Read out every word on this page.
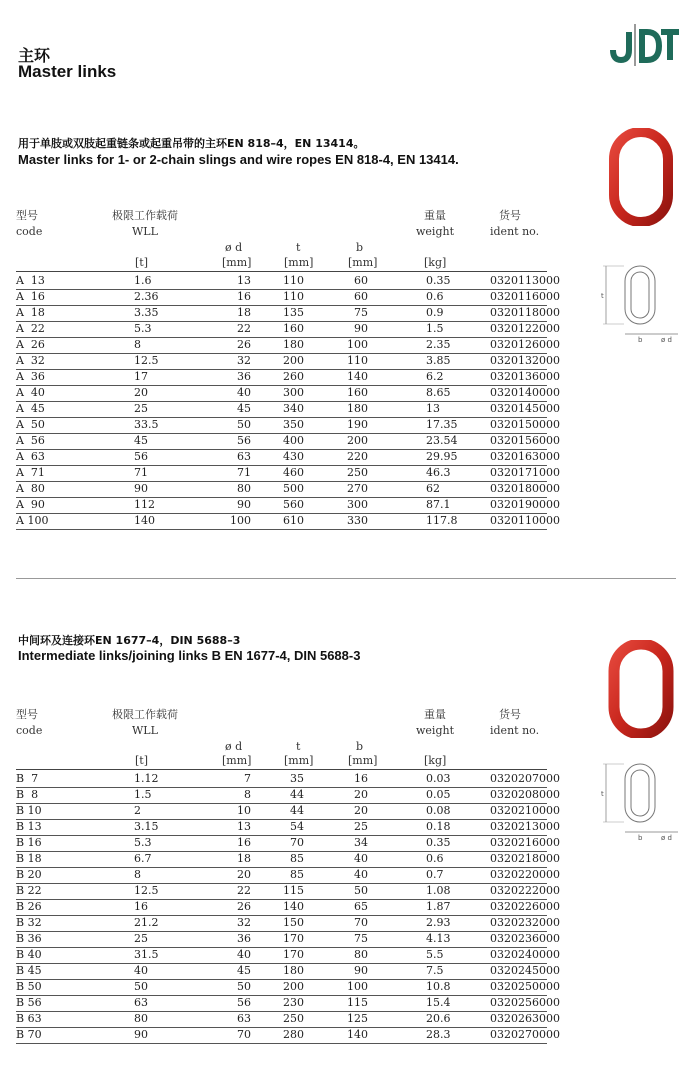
主环
Master links
用于单肢或双肢起重链条或起重吊带的主环EN 818–4，EN 13414。
Master links for 1- or 2-chain slings and wire ropes EN 818-4, EN 13414.
t
b	ø d
型号
code
极限工作载荷
WLL
ø d	t	b
重量
weight
货号
ident no.
[t]	[mm]	[mm]	[mm]	[kg]
A  13	1.6	13	110	60	0.35	0320113000
A  16	2.36	16	110	60	0.6	0320116000
A  18	3.35	18	135	75	0.9	0320118000
A  22	5.3	22	160	90	1.5	0320122000
A  26	8	26	180	100	2.35	0320126000
A  32	12.5	32	200	110	3.85	0320132000
A  36	17	36	260	140	6.2	0320136000
A  40	20	40	300	160	8.65	0320140000
A  45	25	45	340	180	13	0320145000
A  50	33.5	50	350	190	17.35	0320150000
A  56	45	56	400	200	23.54	0320156000
A  63	56	63	430	220	29.95	0320163000
A  71	71	71	460	250	46.3	0320171000
A  80	90	80	500	270	62	0320180000
A  90	112	90	560	300	87.1	0320190000
A 100	140	100	610	330	117.8	0320110000
中间环及连接环EN 1677–4，DIN 5688–3
Intermediate links/joining links B EN 1677-4, DIN 5688-3
t
b	ø d
型号
code
极限工作载荷
WLL
ø d	t	b
重量
weight
货号
ident no.
[t]	[mm]	[mm]	[mm]	[kg]
B  7	1.12	7	35	16	0.03	0320207000
B  8	1.5	8	44	20	0.05	0320208000
B 10	2	10	44	20	0.08	0320210000
B 13	3.15	13	54	25	0.18	0320213000
B 16	5.3	16	70	34	0.35	0320216000
B 18	6.7	18	85	40	0.6	0320218000
B 20	8	20	85	40	0.7	0320220000
B 22	12.5	22	115	50	1.08	0320222000
B 26	16	26	140	65	1.87	0320226000
B 32	21.2	32	150	70	2.93	0320232000
B 36	25	36	170	75	4.13	0320236000
B 40	31.5	40	170	80	5.5	0320240000
B 45	40	45	180	90	7.5	0320245000
B 50	50	50	200	100	10.8	0320250000
B 56	63	56	230	115	15.4	0320256000
B 63	80	63	250	125	20.6	0320263000
B 70	90	70	280	140	28.3	0320270000
